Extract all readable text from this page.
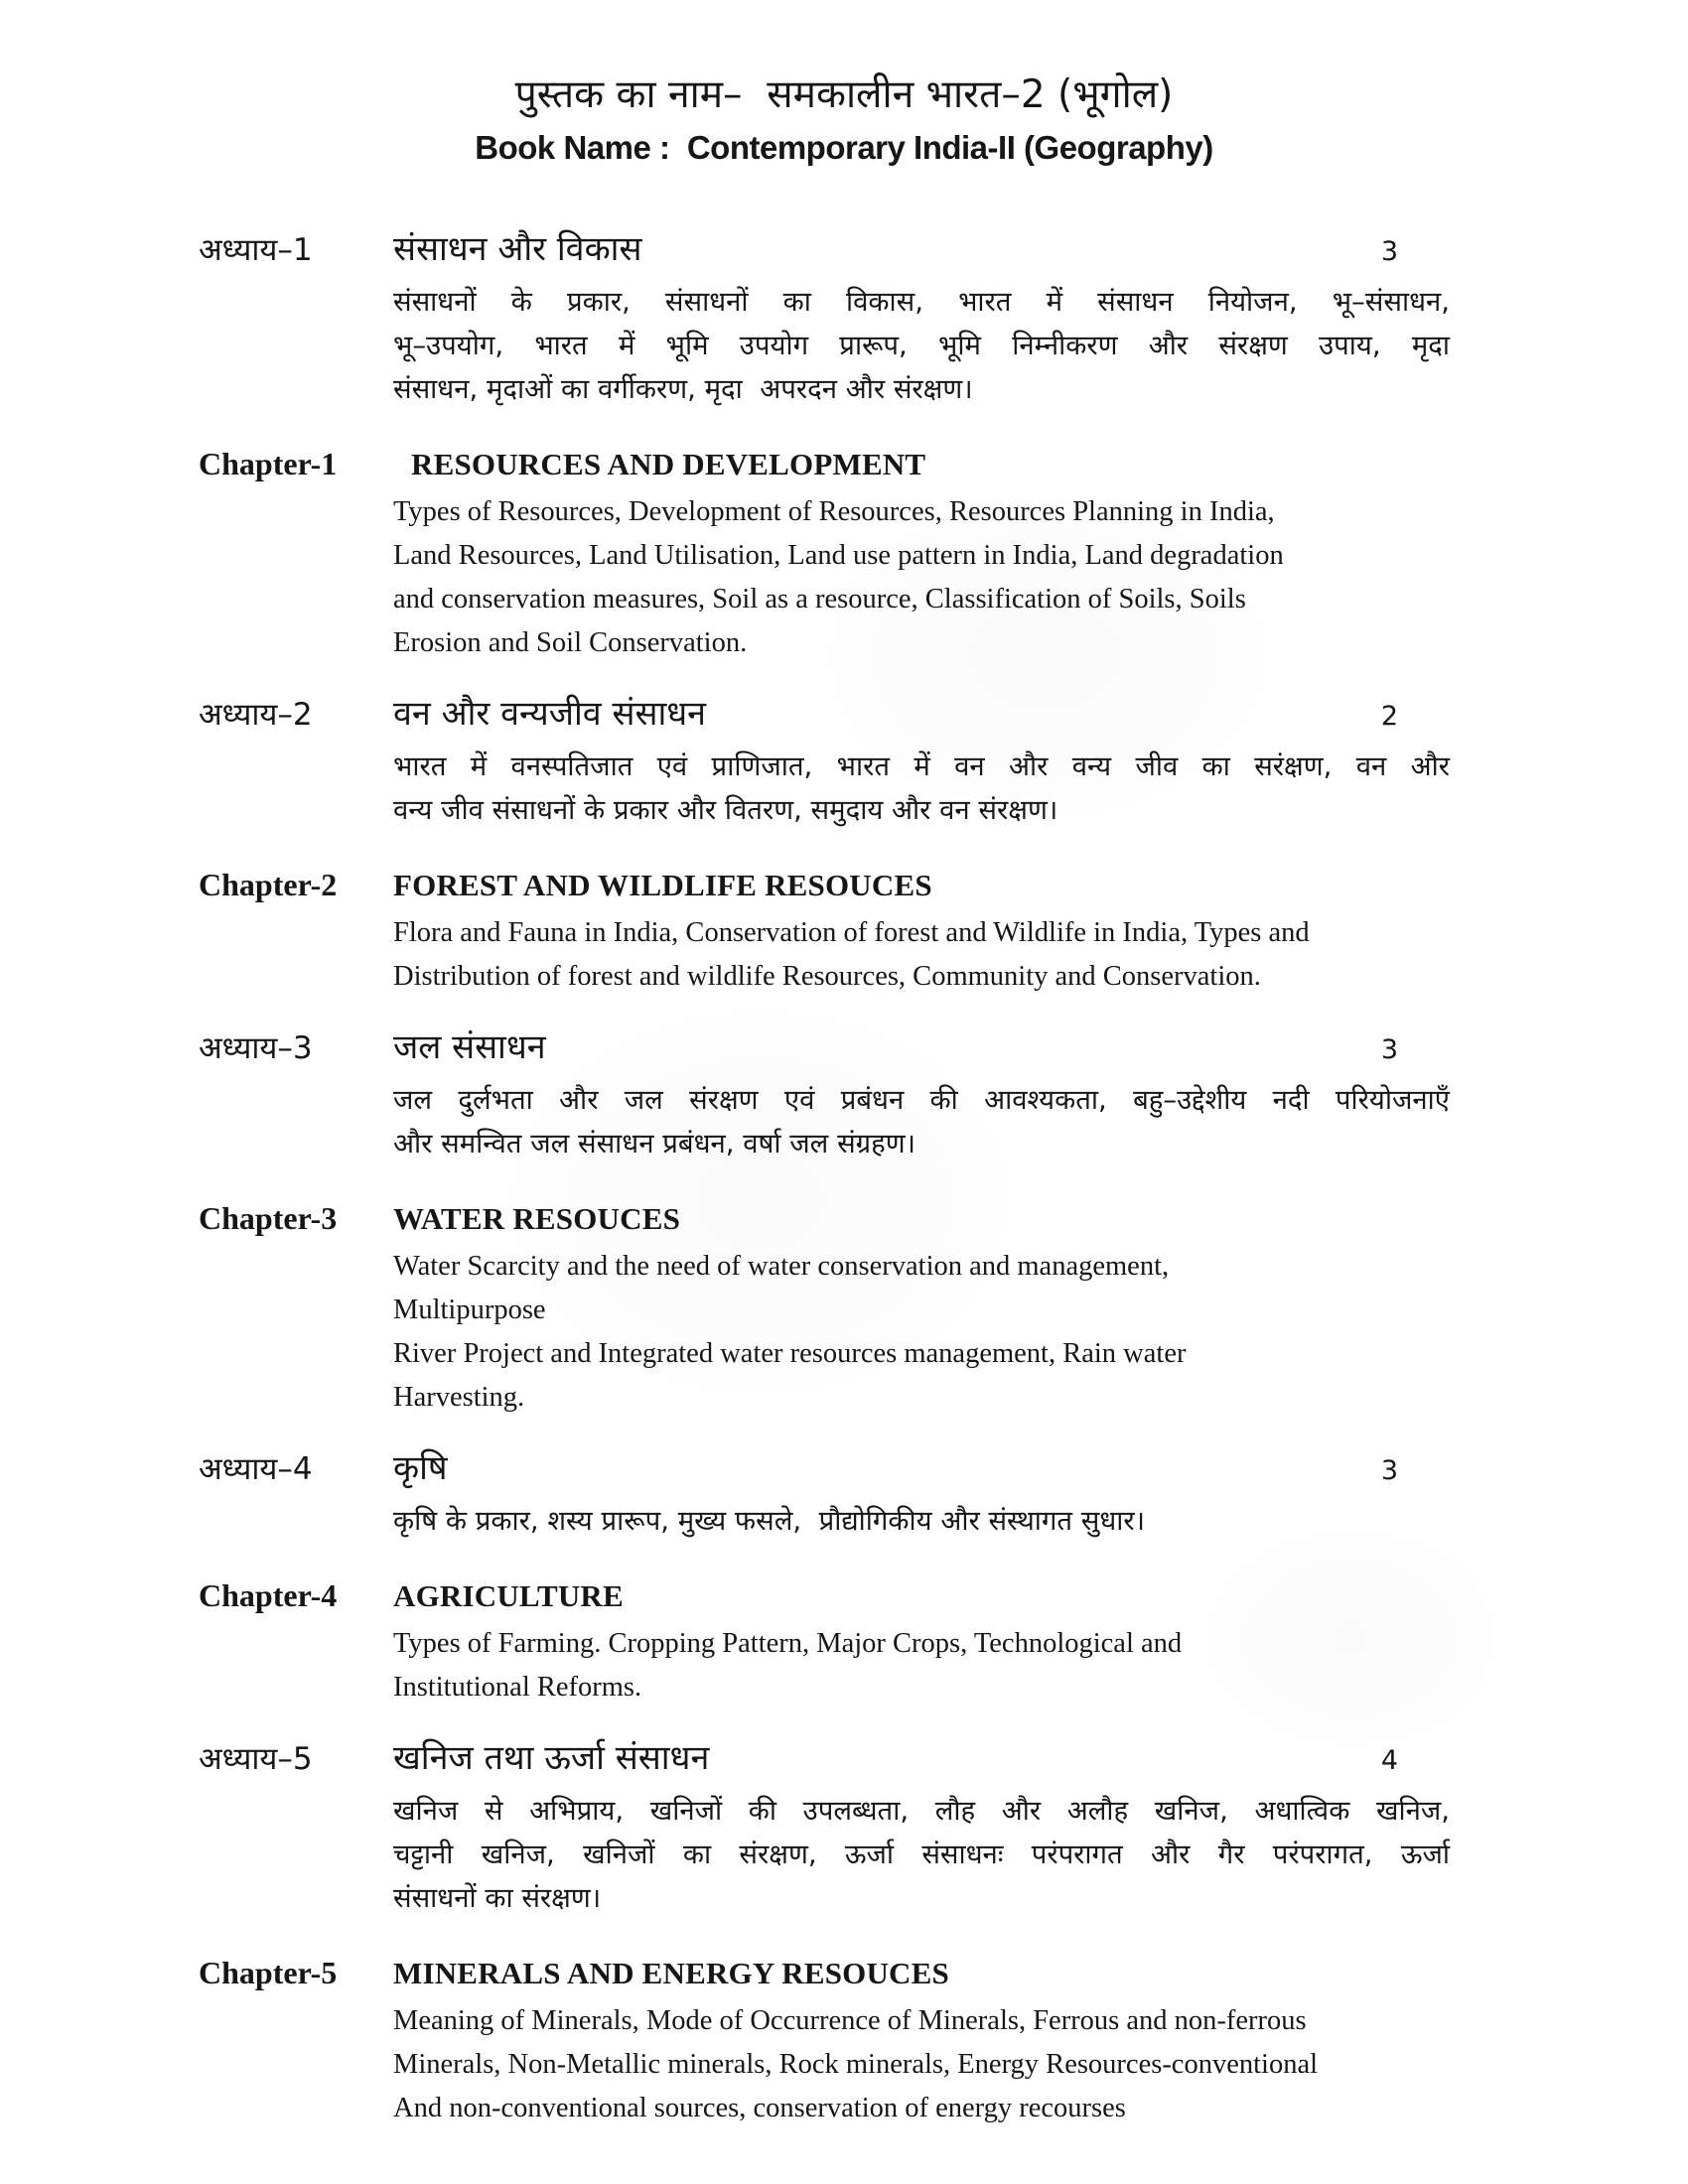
पुस्तक का नाम–  समकालीन भारत–2 (भूगोल)
Book Name :  Contemporary India-II (Geography)
अध्याय–1	संसाधन और विकास	3
संसाधनों के प्रकार, संसाधनों का विकास, भारत में संसाधन नियोजन, भू–संसाधन,
भू–उपयोग, भारत में भूमि उपयोग प्रारूप, भूमि निम्नीकरण और संरक्षण उपाय, मृदा
संसाधन, मृदाओं का वर्गीकरण, मृदा  अपरदन और संरक्षण।
Chapter-1	RESOURCES AND DEVELOPMENT
Types of Resources, Development of Resources, Resources Planning in India,
Land Resources, Land Utilisation, Land use pattern in India, Land degradation
and conservation measures, Soil as a resource, Classification of Soils, Soils
Erosion and Soil Conservation.
अध्याय–2	वन और वन्यजीव संसाधन	2
भारत में वनस्पतिजात एवं प्राणिजात, भारत में वन और वन्य जीव का सरंक्षण, वन और
वन्य जीव संसाधनों के प्रकार और वितरण, समुदाय और वन संरक्षण।
Chapter-2	FOREST AND WILDLIFE RESOUCES
Flora and Fauna in India, Conservation of forest and Wildlife in India, Types and
Distribution of forest and wildlife Resources, Community and Conservation.
अध्याय–3	जल संसाधन	3
जल दुर्लभता और जल संरक्षण एवं प्रबंधन की आवश्यकता, बहु–उद्देशीय नदी परियोजनाएँ
और समन्वित जल संसाधन प्रबंधन, वर्षा जल संग्रहण।
Chapter-3	WATER RESOUCES
Water Scarcity and the need of water conservation and management,
Multipurpose
River Project and Integrated water resources management, Rain water
Harvesting.
अध्याय–4	कृषि	3
कृषि के प्रकार, शस्य प्रारूप, मुख्य फसले,  प्रौद्योगिकीय और संस्थागत सुधार।
Chapter-4	AGRICULTURE
Types of Farming. Cropping Pattern, Major Crops, Technological and
Institutional Reforms.
अध्याय–5	खनिज तथा ऊर्जा संसाधन	4
खनिज से अभिप्राय, खनिजों की उपलब्धता, लौह और अलौह खनिज, अधात्विक खनिज,
चट्टानी खनिज, खनिजों का संरक्षण, ऊर्जा संसाधनः परंपरागत और गैर परंपरागत, ऊर्जा
संसाधनों का संरक्षण।
Chapter-5	MINERALS AND ENERGY RESOUCES
Meaning of Minerals, Mode of Occurrence of Minerals, Ferrous and non-ferrous
Minerals, Non-Metallic minerals, Rock minerals, Energy Resources-conventional
And non-conventional sources, conservation of energy recourses
